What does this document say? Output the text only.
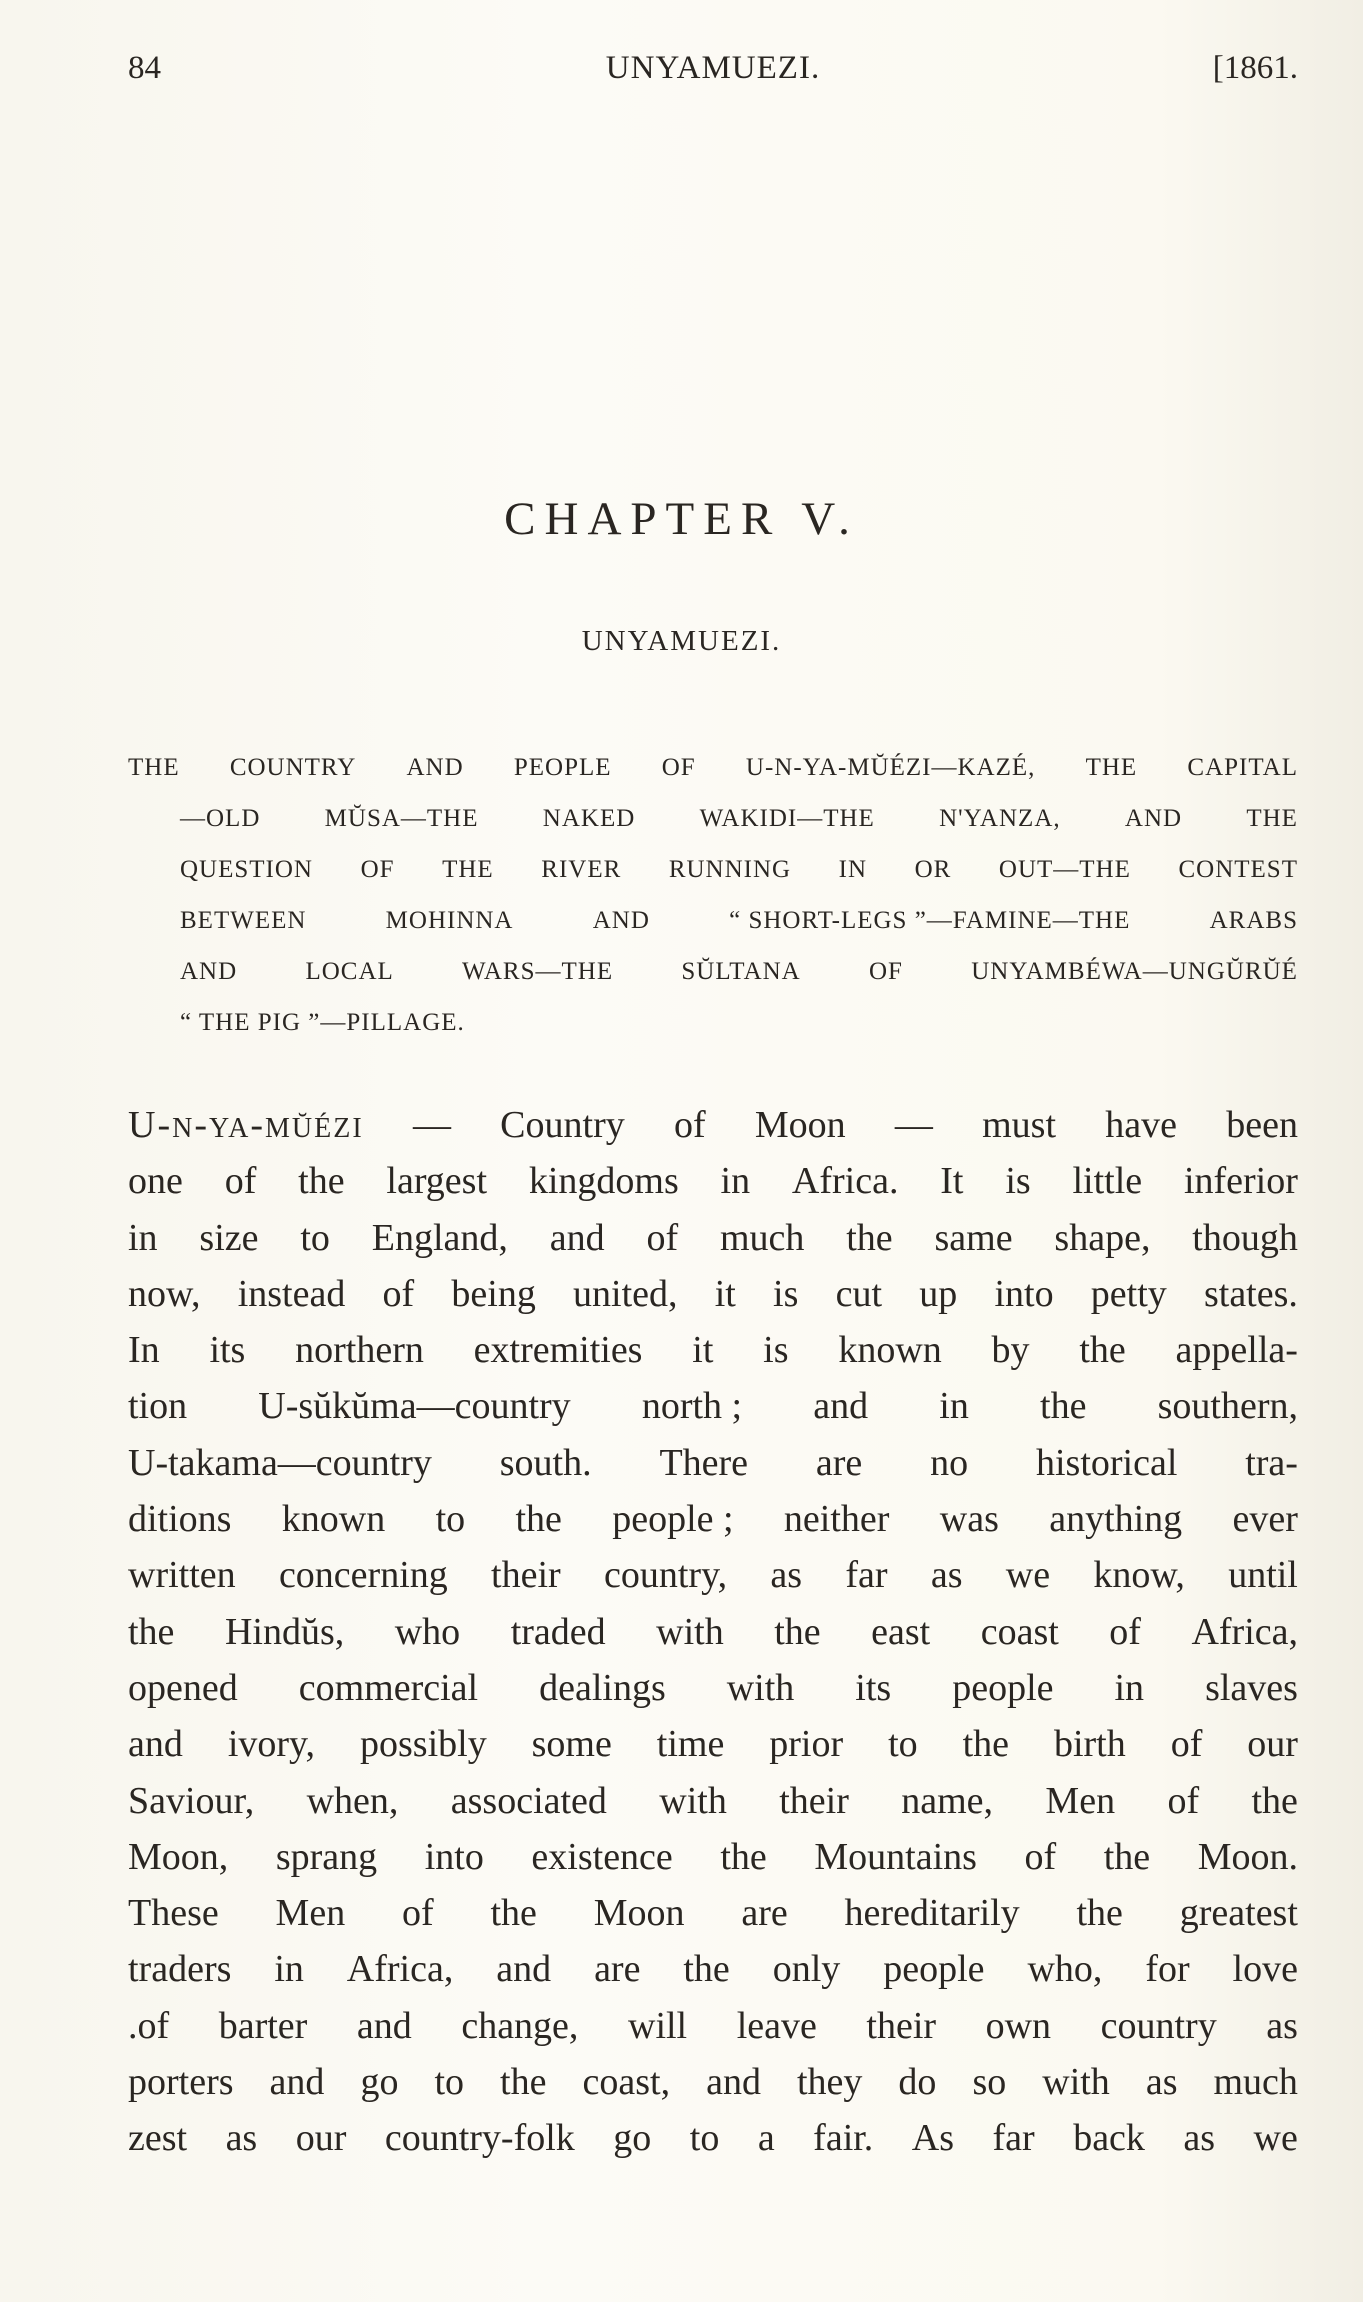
84	UNYAMUEZI.	[1861.
CHAPTER V.
UNYAMUEZI.
THE COUNTRY AND PEOPLE OF U-N-YA-MŬÉZI—KAZÉ, THE CAPITAL
—OLD	MŬSA—THE	NAKED	WAKIDI—THE	N'YANZA,	AND	THE
QUESTION OF THE RIVER RUNNING IN OR OUT—THE CONTEST
BETWEEN	MOHINNA	AND	“ SHORT-LEGS ”—FAMINE—THE	ARABS
AND	LOCAL	WARS—THE	SŬLTANA	OF	UNYAMBÉWA—UNGŬRŬÉ
“ THE PIG ”—PILLAGE.
U-N-YA-MŬÉZI — Country of Moon — must have been
one of the largest kingdoms in Africa. It is little inferior
in size to England, and of much the same shape, though
now, instead of being united, it is cut up into petty states.
In its northern extremities it is known by the appella-
tion U-sŭkŭma—country north ; and in the southern,
U-takama—country south. There are no historical tra-
ditions known to the people ; neither was anything ever
written concerning their country, as far as we know, until
the Hindŭs, who traded with the east coast of Africa,
opened commercial dealings with its people in slaves
and ivory, possibly some time prior to the birth of our
Saviour, when, associated with their name, Men of the
Moon, sprang into existence the Mountains of the Moon.
These Men of the Moon are hereditarily the greatest
traders in Africa, and are the only people who, for love
.of barter and change, will leave their own country as
porters and go to the coast, and they do so with as much
zest as our country-folk go to a fair. As far back as we
